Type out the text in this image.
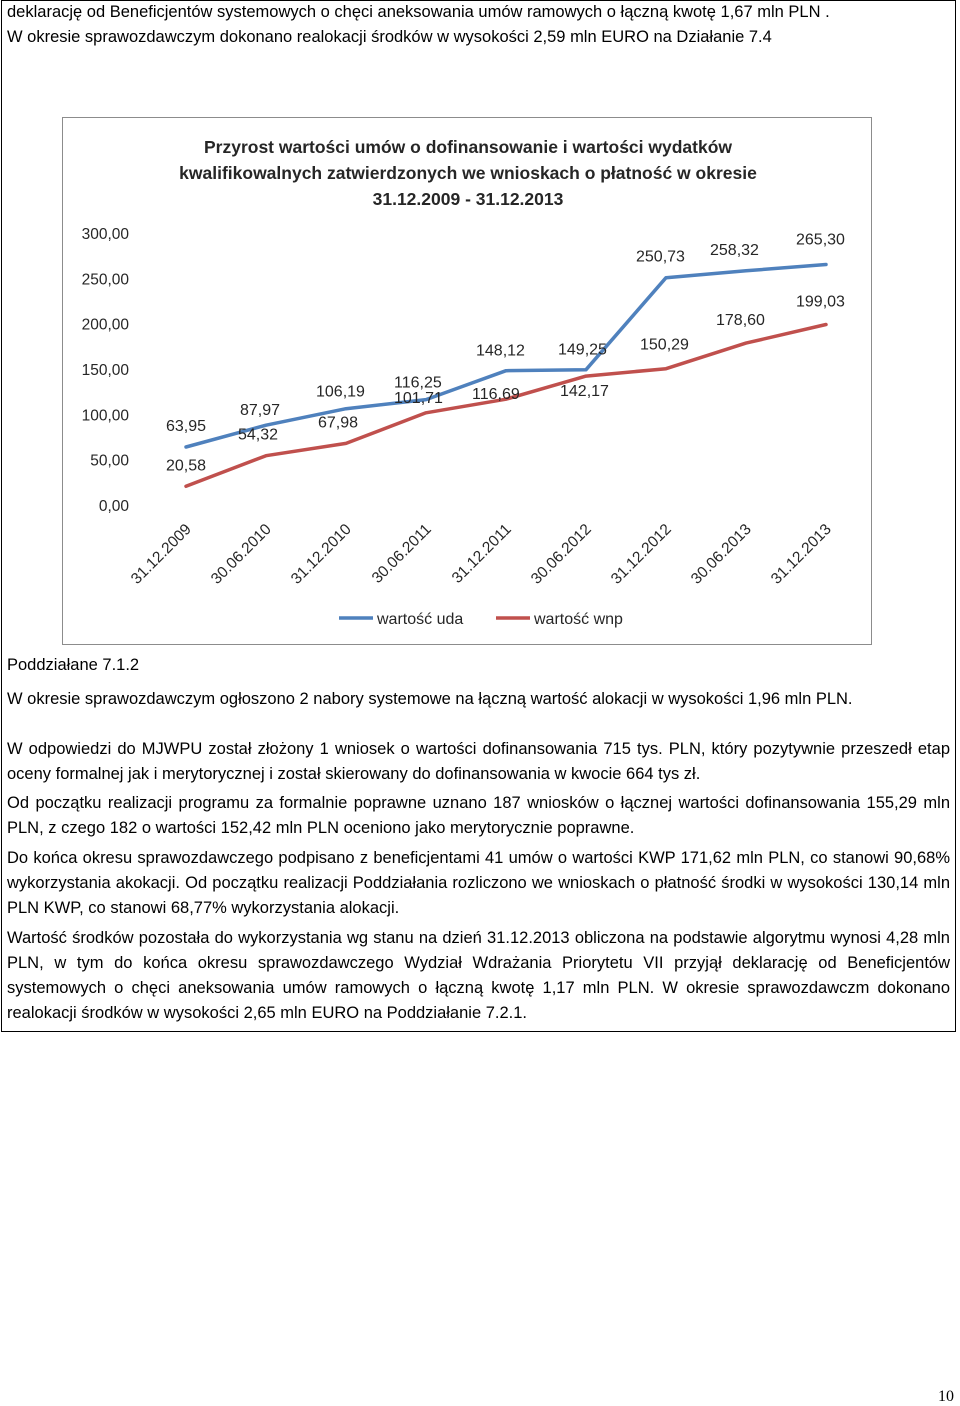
deklarację od Beneficjentów systemowych o chęci aneksowania umów ramowych o łączną kwotę 1,67 mln PLN .
W okresie sprawozdawczym dokonano realokacji środków w wysokości 2,59 mln EURO na Działanie 7.4
Przyrost wartości umów o dofinansowanie i wartości wydatków
kwalifikowalnych zatwierdzonych we wnioskach o płatność w okresie
31.12.2009 - 31.12.2013
0,00
50,00
100,00
150,00
200,00
250,00
300,00
31.12.2009 30.06.2010 31.12.2010 30.06.2011 31.12.2011 30.06.2012 31.12.2012 30.06.2013 31.12.2013
63,95
87,97
106,19
116,25
148,12 149,25
250,73 258,32
265,30
20,58
54,32
67,98
101,71 116,69	142,17
150,29
178,60
199,03
wartość uda	wartość wnp
Poddziałane 7.1.2
W okresie sprawozdawczym ogłoszono 2 nabory systemowe na łączną wartość alokacji w wysokości 1,96 mln PLN.
W odpowiedzi do MJWPU został złożony 1 wniosek o wartości dofinansowania 715 tys. PLN, który pozytywnie przeszedł etap oceny formalnej jak i merytorycznej i został skierowany do dofinansowania w kwocie 664 tys zł.
Od początku realizacji programu za formalnie poprawne uznano 187 wniosków o łącznej wartości dofinansowania 155,29 mln PLN, z czego 182 o wartości 152,42 mln PLN oceniono jako merytorycznie poprawne.
Do końca okresu sprawozdawczego podpisano z beneficjentami 41 umów o wartości KWP 171,62 mln PLN, co stanowi 90,68% wykorzystania akokacji. Od początku realizacji Poddziałania rozliczono we wnioskach o płatność środki w wysokości 130,14 mln PLN KWP, co stanowi 68,77% wykorzystania alokacji.
Wartość środków pozostała do wykorzystania wg stanu na dzień 31.12.2013 obliczona na podstawie algorytmu wynosi 4,28 mln PLN, w tym do końca okresu sprawozdawczego Wydział Wdrażania Priorytetu VII przyjął deklarację od Beneficjentów systemowych o chęci aneksowania umów ramowych o łączną kwotę 1,17 mln PLN. W okresie sprawozdawczm dokonano realokacji środków w wysokości 2,65 mln EURO na Poddziałanie 7.2.1.
10
